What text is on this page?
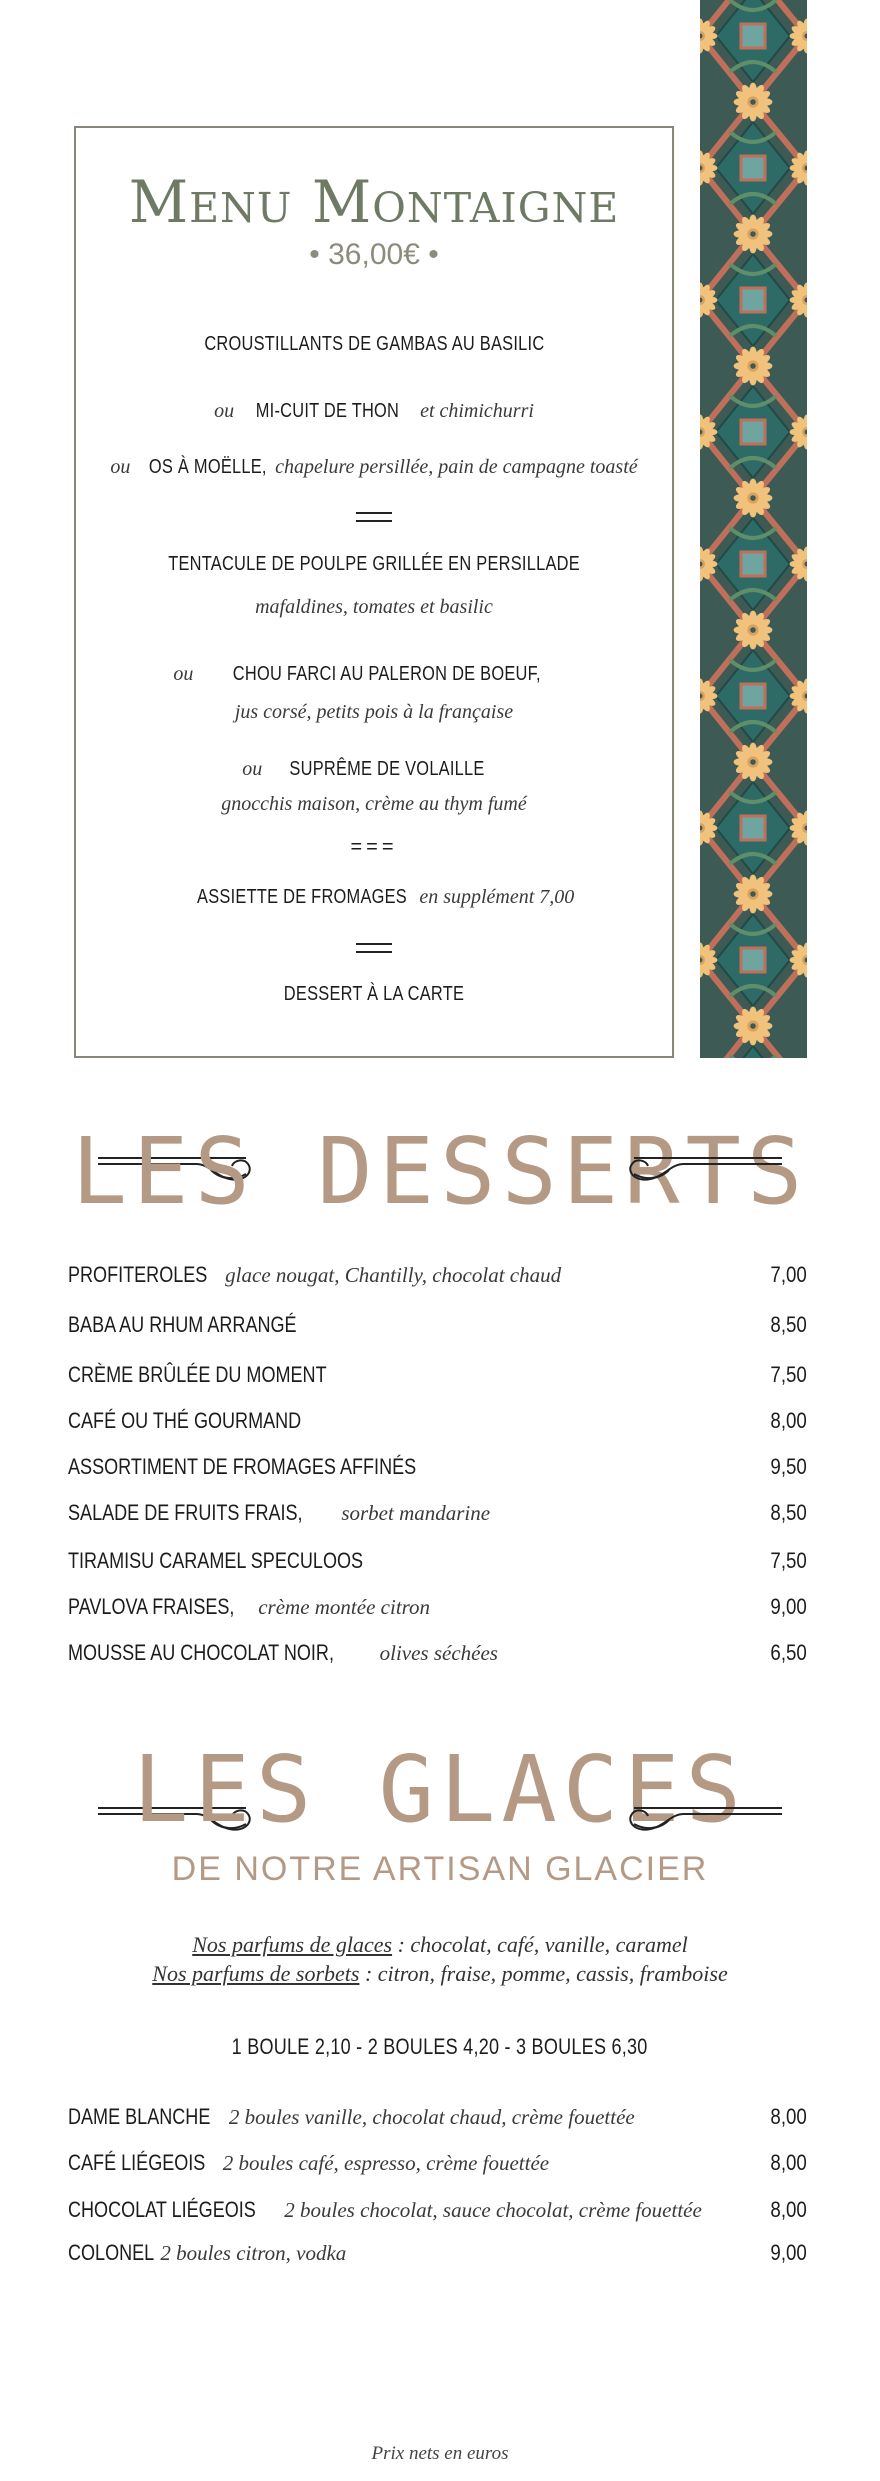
Menu Montaigne
• 36,00€ •
CROUSTILLANTS DE GAMBAS AU BASILIC
ou MI-CUIT DE THON et chimichurri
ou OS À MOËLLE, chapelure persillée, pain de campagne toasté
TENTACULE DE POULPE GRILLÉE EN PERSILLADE
mafaldines, tomates et basilic
ou CHOU FARCI AU PALERON DE BOEUF,
jus corsé, petits pois à la française
ou SUPRÊME DE VOLAILLE
gnocchis maison, crème au thym fumé
===
ASSIETTE DE FROMAGES en supplément 7,00
DESSERT À LA CARTE
LES DESSERTS
PROFITEROLES glace nougat, Chantilly, chocolat chaud	7,00
BABA AU RHUM ARRANGÉ	8,50
CRÈME BRÛLÉE DU MOMENT	7,50
CAFÉ OU THÉ GOURMAND	8,00
ASSORTIMENT DE FROMAGES AFFINÉS	9,50
SALADE DE FRUITS FRAIS, sorbet mandarine	8,50
TIRAMISU CARAMEL SPECULOOS	7,50
PAVLOVA FRAISES, crème montée citron	9,00
MOUSSE AU CHOCOLAT NOIR, olives séchées	6,50
LES GLACES
DE NOTRE ARTISAN GLACIER
Nos parfums de glaces : chocolat, café, vanille, caramel
Nos parfums de sorbets : citron, fraise, pomme, cassis, framboise
1 BOULE 2,10 - 2 BOULES 4,20 - 3 BOULES 6,30
DAME BLANCHE 2 boules vanille, chocolat chaud, crème fouettée	8,00
CAFÉ LIÉGEOIS 2 boules café, espresso, crème fouettée	8,00
CHOCOLAT LIÉGEOIS 2 boules chocolat, sauce chocolat, crème fouettée	8,00
COLONEL 2 boules citron, vodka	9,00
Prix nets en euros
